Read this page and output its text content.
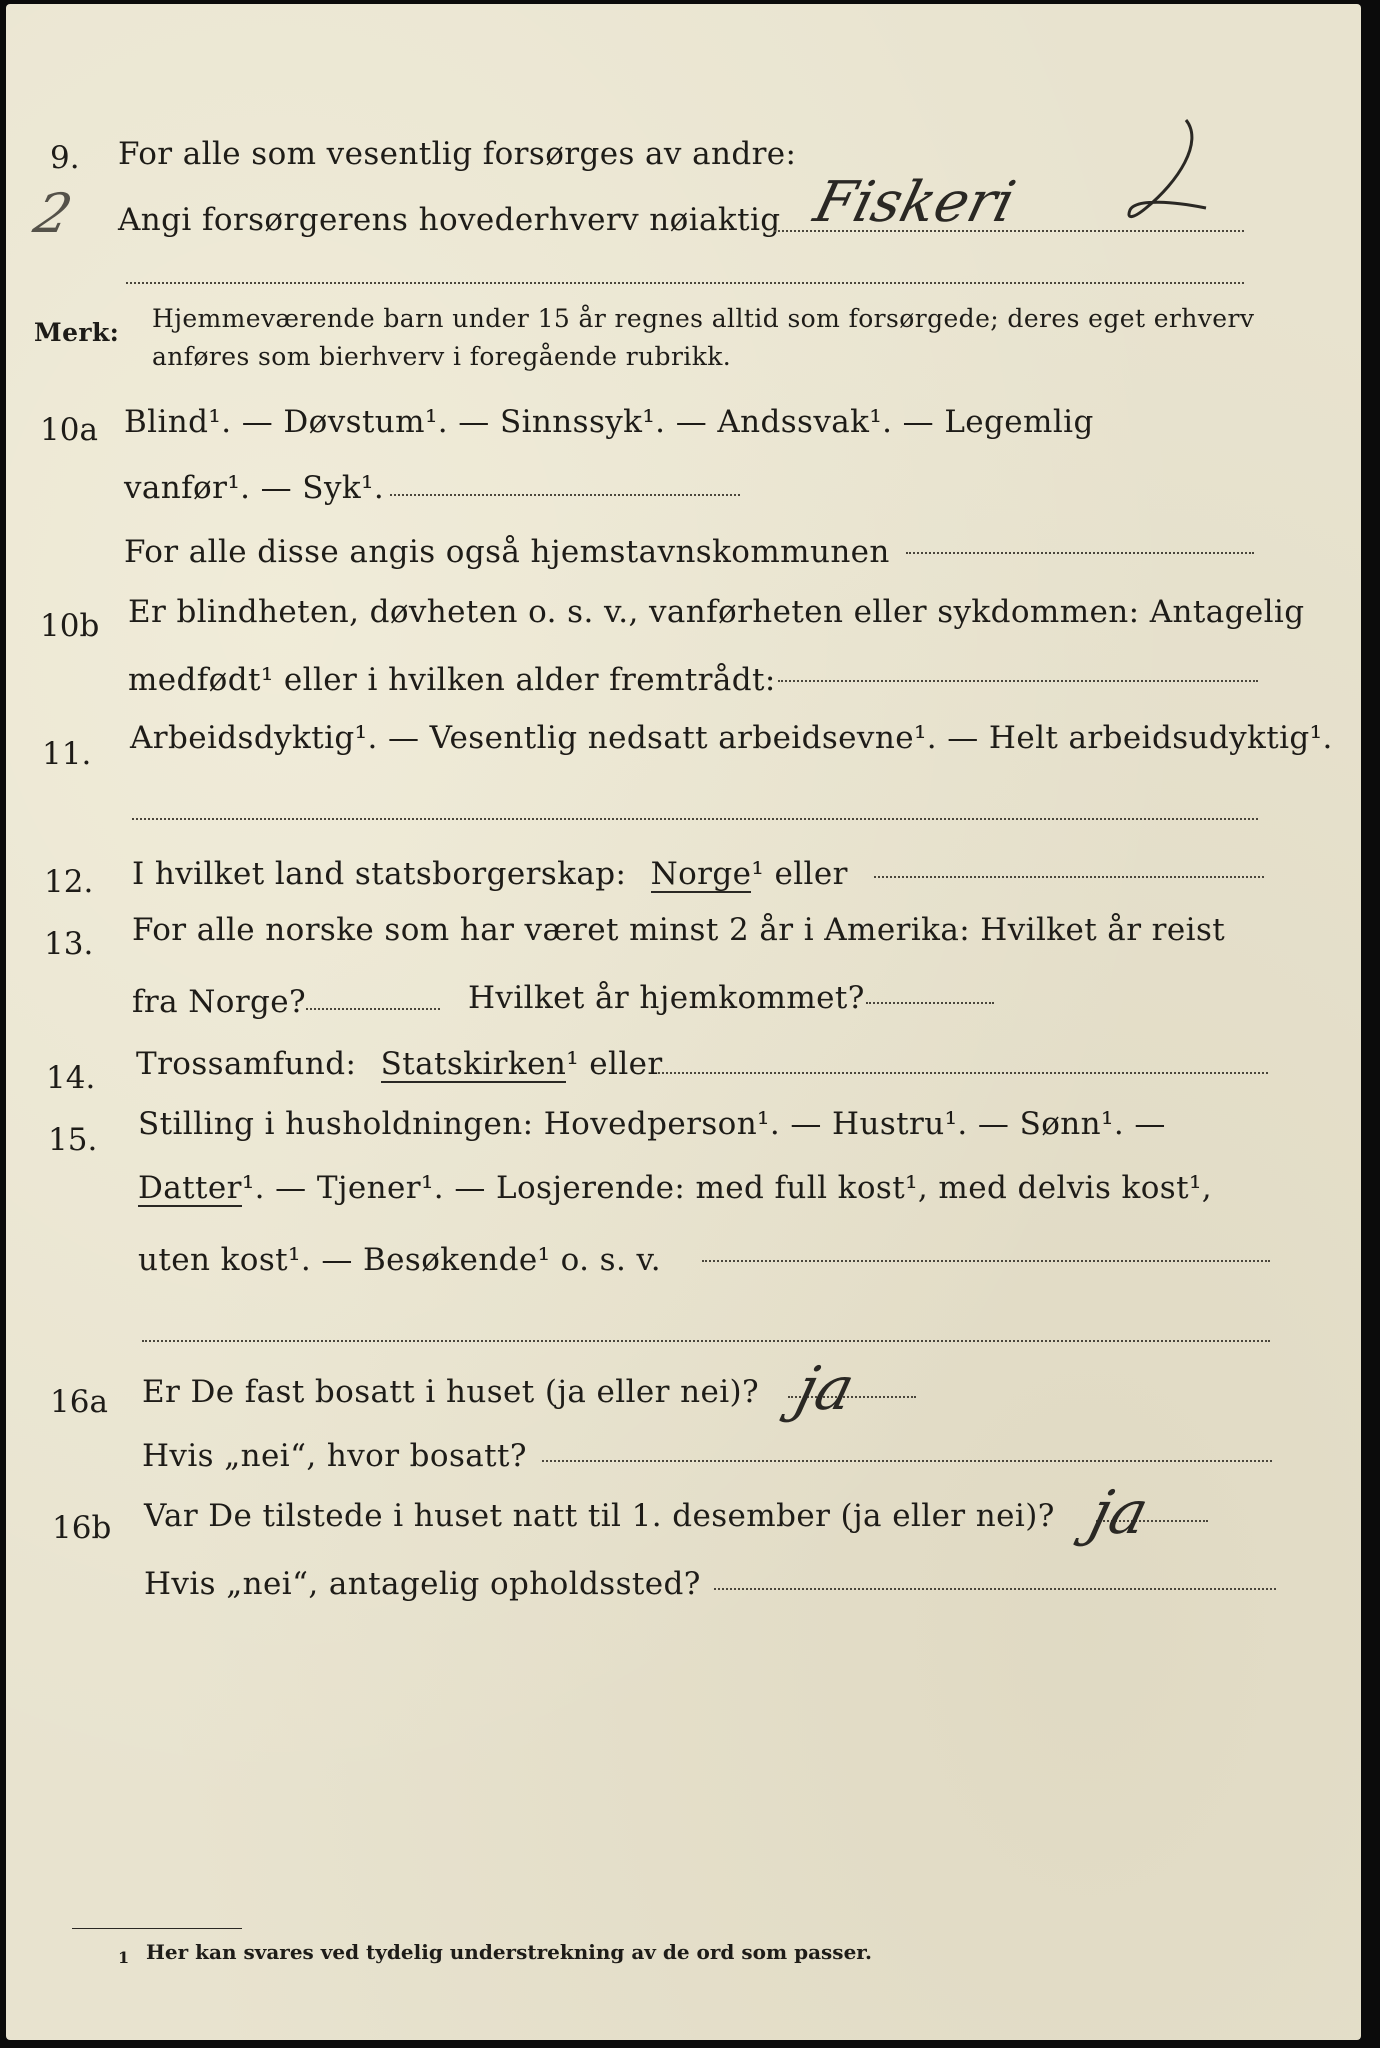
9. For alle som vesentlig forsørges av andre:
2 Angi forsørgerens hovederhverv nøiaktig Fiskeri
Merk: Hjemmeværende barn under 15 år regnes alltid som forsørgede; deres eget erhverv
anføres som bierhverv i foregående rubrikk.
10a Blind¹. — Døvstum¹. — Sinnssyk¹. — Andssvak¹. — Legemlig
vanfør¹. — Syk¹.
For alle disse angis også hjemstavnskommunen
10b Er blindheten, døvheten o. s. v., vanførheten eller sykdommen: Antagelig
medfødt¹ eller i hvilken alder fremtrådt:
11. Arbeidsdyktig¹. — Vesentlig nedsatt arbeidsevne¹. — Helt arbeidsudyktig¹.
12. I hvilket land statsborgerskap: Norge¹ eller
13. For alle norske som har været minst 2 år i Amerika: Hvilket år reist
fra Norge?	Hvilket år hjemkommet?
14. Trossamfund: Statskirken¹ eller
15. Stilling i husholdningen: Hovedperson¹. — Hustru¹. — Sønn¹. —
Datter¹. — Tjener¹. — Losjerende: med full kost¹, med delvis kost¹,
uten kost¹. — Besøkende¹ o. s. v.
16a Er De fast bosatt i huset (ja eller nei)? ja
Hvis „nei“, hvor bosatt?
16b Var De tilstede i huset natt til 1. desember (ja eller nei)? ja
Hvis „nei“, antagelig opholdssted?
1 Her kan svares ved tydelig understrekning av de ord som passer.
